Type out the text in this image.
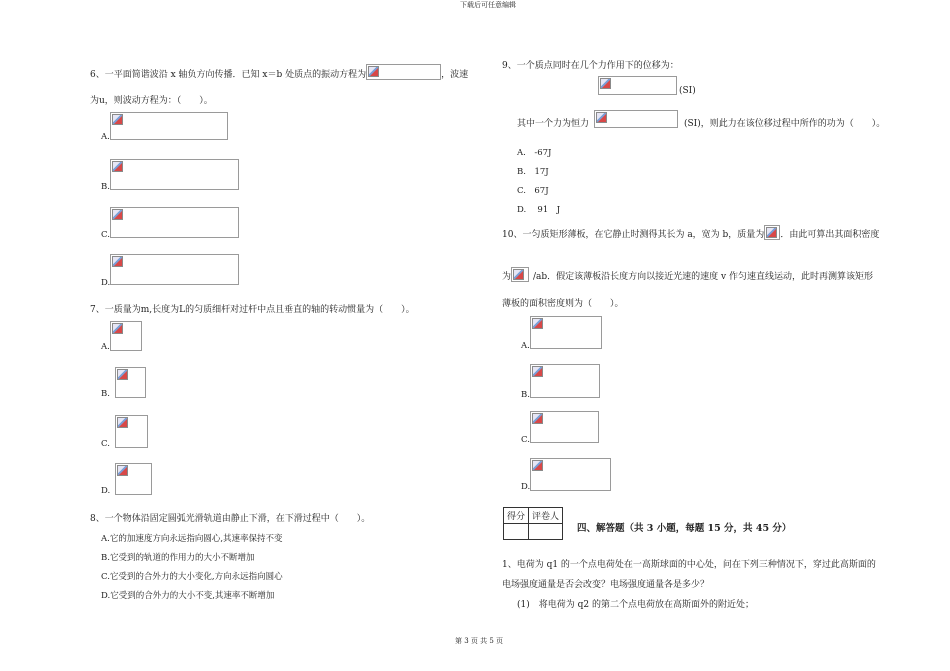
下载后可任意编辑
第 3 页 共 5 页
6、一平面简谐波沿 x 轴负方向传播．已知 x＝b 处质点的振动方程为	，波速
为u，则波动方程为：（　　）。
A.
B.
C.
D.
7、一质量为m,长度为L的匀质细杆对过杆中点且垂直的轴的转动惯量为（　　）。
A.
B.
C.
D.
8、一个物体沿固定圆弧光滑轨道由静止下滑，在下滑过程中（　　）。
A.它的加速度方向永远指向圆心,其速率保持不变
B.它受到的轨道的作用力的大小不断增加
C.它受到的合外力的大小变化,方向永远指向圆心
D.它受到的合外力的大小不变,其速率不断增加
9、一个质点同时在几个力作用下的位移为：
(SI)
其中一个力为恒力	(SI)，则此力在该位移过程中所作的功为（　　）。
A.　-67J
B.　17J
C.　67J
D.　 91　J
10、一匀质矩形薄板，在它静止时测得其长为 a，宽为 b，质量为 ．由此可算出其面积密度
为 /ab．假定该薄板沿长度方向以接近光速的速度 v 作匀速直线运动，此时再测算该矩形
薄板的面积密度则为（　　）。
A.
B.
C.
D.
得分	评卷人

四、解答题（共 3 小题，每题 15 分，共 45 分）
1、电荷为 q1 的一个点电荷处在一高斯球面的中心处，问在下列三种情况下，穿过此高斯面的
电场强度通量是否会改变？电场强度通量各是多少？
(1)　将电荷为 q2 的第二个点电荷放在高斯面外的附近处；
